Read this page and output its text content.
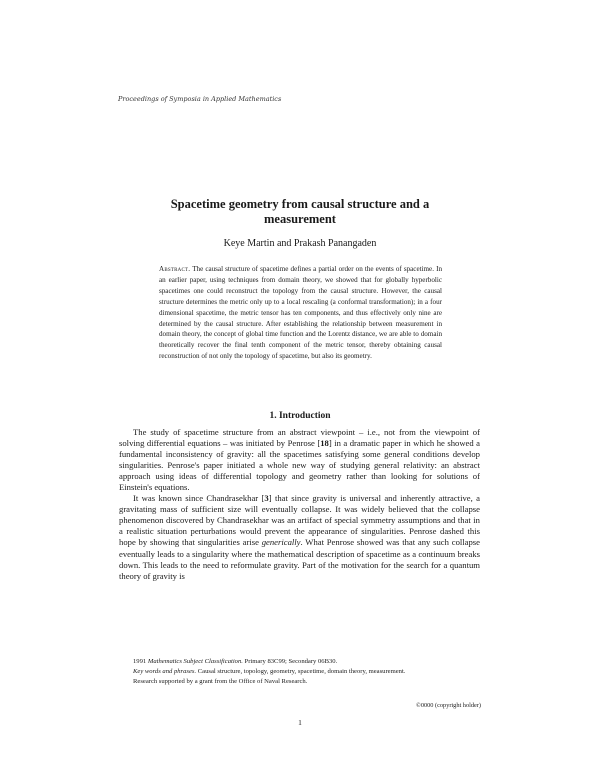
Proceedings of Symposia in Applied Mathematics
Spacetime geometry from causal structure and a
measurement
Keye Martin and Prakash Panangaden
Abstract. The causal structure of spacetime defines a partial order on the events of spacetime. In an earlier paper, using techniques from domain theory, we showed that for globally hyperbolic spacetimes one could reconstruct the topology from the causal structure. However, the causal structure determines the metric only up to a local rescaling (a conformal transformation); in a four dimensional spacetime, the metric tensor has ten components, and thus effectively only nine are determined by the causal structure. After establishing the relationship between measurement in domain theory, the concept of global time function and the Lorentz distance, we are able to domain theoretically recover the final tenth component of the metric tensor, thereby obtaining causal reconstruction of not only the topology of spacetime, but also its geometry.
1. Introduction

The study of spacetime structure from an abstract viewpoint – i.e., not from the viewpoint of solving differential equations – was initiated by Penrose [18] in a dramatic paper in which he showed a fundamental inconsistency of gravity: all the spacetimes satisfying some general conditions develop singularities. Penrose's paper initiated a whole new way of studying general relativity: an abstract approach using ideas of differential topology and geometry rather than looking for solutions of Einstein's equations.

It was known since Chandrasekhar [3] that since gravity is universal and inherently attractive, a gravitating mass of sufficient size will eventually collapse. It was widely believed that the collapse phenomenon discovered by Chandrasekhar was an artifact of special symmetry assumptions and that in a realistic situation perturbations would prevent the appearance of singularities. Penrose dashed this hope by showing that singularities arise generically. What Penrose showed was that any such collapse eventually leads to a singularity where the mathematical description of spacetime as a continuum breaks down. This leads to the need to reformulate gravity. Part of the motivation for the search for a quantum theory of gravity is

1991 Mathematics Subject Classification. Primary 83C99; Secondary 06B30.

Key words and phrases. Causal structure, topology, geometry, spacetime, domain theory, measurement.

Research supported by a grant from the Office of Naval Research.

©0000 (copyright holder)
1
